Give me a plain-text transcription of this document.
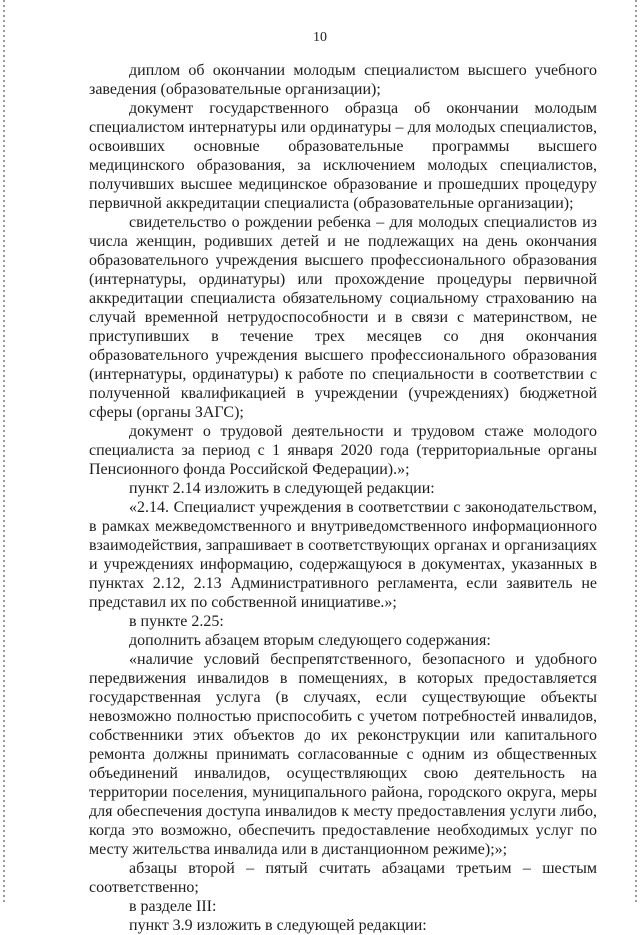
10

диплом об окончании молодым специалистом высшего учебного заведения (образовательные организации);

документ государственного образца об окончании молодым специалистом интернатуры или ординатуры – для молодых специалистов, освоивших основные образовательные программы высшего медицинского образования, за исключением молодых специалистов, получивших высшее медицинское образование и прошедших процедуру первичной аккредитации специалиста (образовательные организации);

свидетельство о рождении ребенка – для молодых специалистов из числа женщин, родивших детей и не подлежащих на день окончания образовательного учреждения высшего профессионального образования (интернатуры, ординатуры) или прохождение процедуры первичной аккредитации специалиста обязательному социальному страхованию на случай временной нетрудоспособности и в связи с материнством, не приступивших в течение трех месяцев со дня окончания образовательного учреждения высшего профессионального образования (интернатуры, ординатуры) к работе по специальности в соответствии с полученной квалификацией в учреждении (учреждениях) бюджетной сферы (органы ЗАГС);

документ о трудовой деятельности и трудовом стаже молодого специалиста за период с 1 января 2020 года (территориальные органы Пенсионного фонда Российской Федерации).»;

пункт 2.14 изложить в следующей редакции:

«2.14. Специалист учреждения в соответствии с законодательством, в рамках межведомственного и внутриведомственного информационного взаимодействия, запрашивает в соответствующих органах и организациях и учреждениях информацию, содержащуюся в документах, указанных в пунктах 2.12, 2.13 Административного регламента, если заявитель не представил их по собственной инициативе.»;

в пункте 2.25:

дополнить абзацем вторым следующего содержания:

«наличие условий беспрепятственного, безопасного и удобного передвижения инвалидов в помещениях, в которых предоставляется государственная услуга (в случаях, если существующие объекты невозможно полностью приспособить с учетом потребностей инвалидов, собственники этих объектов до их реконструкции или капитального ремонта должны принимать согласованные с одним из общественных объединений инвалидов, осуществляющих свою деятельность на территории поселения, муниципального района, городского округа, меры для обеспечения доступа инвалидов к месту предоставления услуги либо, когда это возможно, обеспечить предоставление необходимых услуг по месту жительства инвалида или в дистанционном режиме);»;

абзацы второй – пятый считать абзацами третьим – шестым соответственно;

в разделе III:

пункт 3.9 изложить в следующей редакции:
